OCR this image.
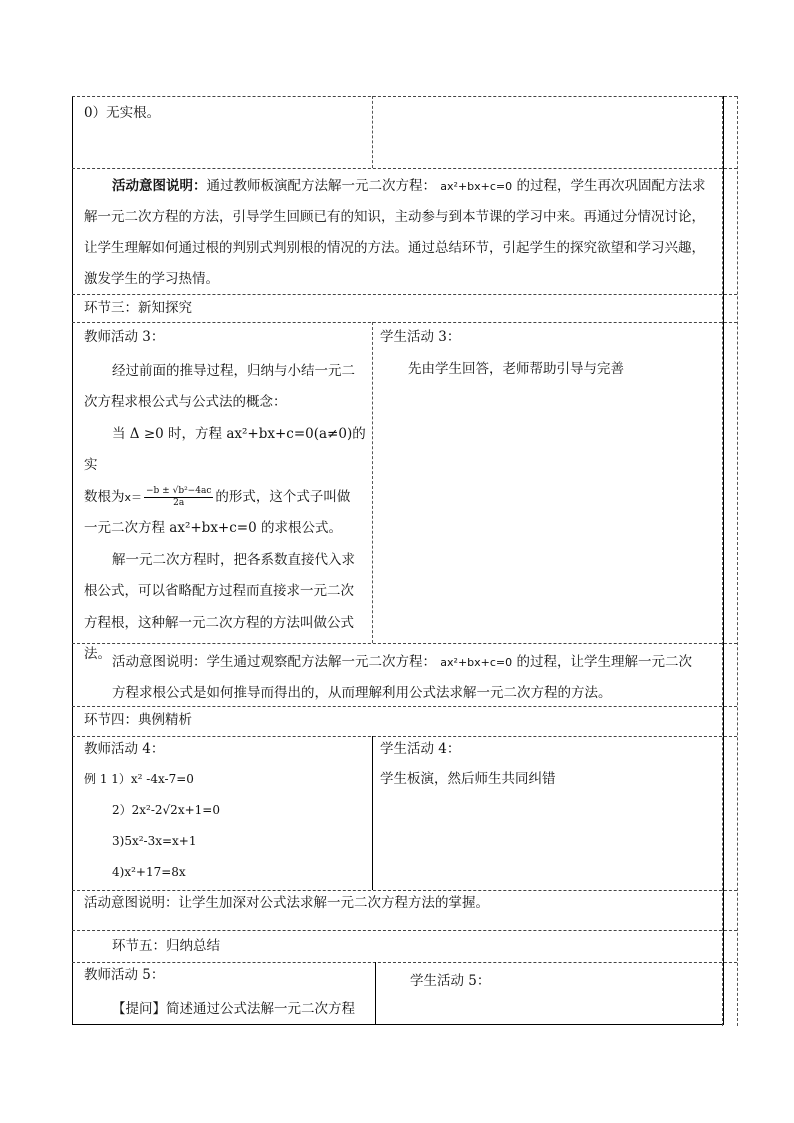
0）无实根。

活动意图说明：通过教师板演配方法解一元二次方程： ax²+bx+c=0 的过程，学生再次巩固配方法求解一元二次方程的方法，引导学生回顾已有的知识，主动参与到本节课的学习中来。再通过分情况讨论，让学生理解如何通过根的判别式判别根的情况的方法。通过总结环节，引起学生的探究欲望和学习兴趣，激发学生的学习热情。

环节三：新知探究

教师活动 3：

经过前面的推导过程，归纳与小结一元二次方程求根公式与公式法的概念：

当 Δ ≥0 时，方程 ax²+bx+c=0(a≠0)的实

数根为$x= \frac{\text{−b ± √b²−4ac}}{2a}$ 的形式，这个式子叫做

一元二次方程 ax²+bx+c=0 的求根公式。

解一元二次方程时，把各系数直接代入求根公式，可以省略配方过程而直接求一元二次方程根，这种解一元二次方程的方法叫做公式法。

学生活动 3：

先由学生回答，老师帮助引导与完善

活动意图说明：学生通过观察配方法解一元二次方程： ax²+bx+c=0 的过程，让学生理解一元二次

方程求根公式是如何推导而得出的，从而理解利用公式法求解一元二次方程的方法。

环节四：典例精析

教师活动 4：

例 1 1）x² -4x-7=0

2）2x²-2√2x+1=0

3)5x²-3x=x+1

4)x²+17=8x

学生活动 4：

学生板演，然后师生共同纠错

活动意图说明：让学生加深对公式法求解一元二次方程方法的掌握。

环节五：归纳总结

教师活动 5：

【提问】简述通过公式法解一元二次方程

学生活动 5：
